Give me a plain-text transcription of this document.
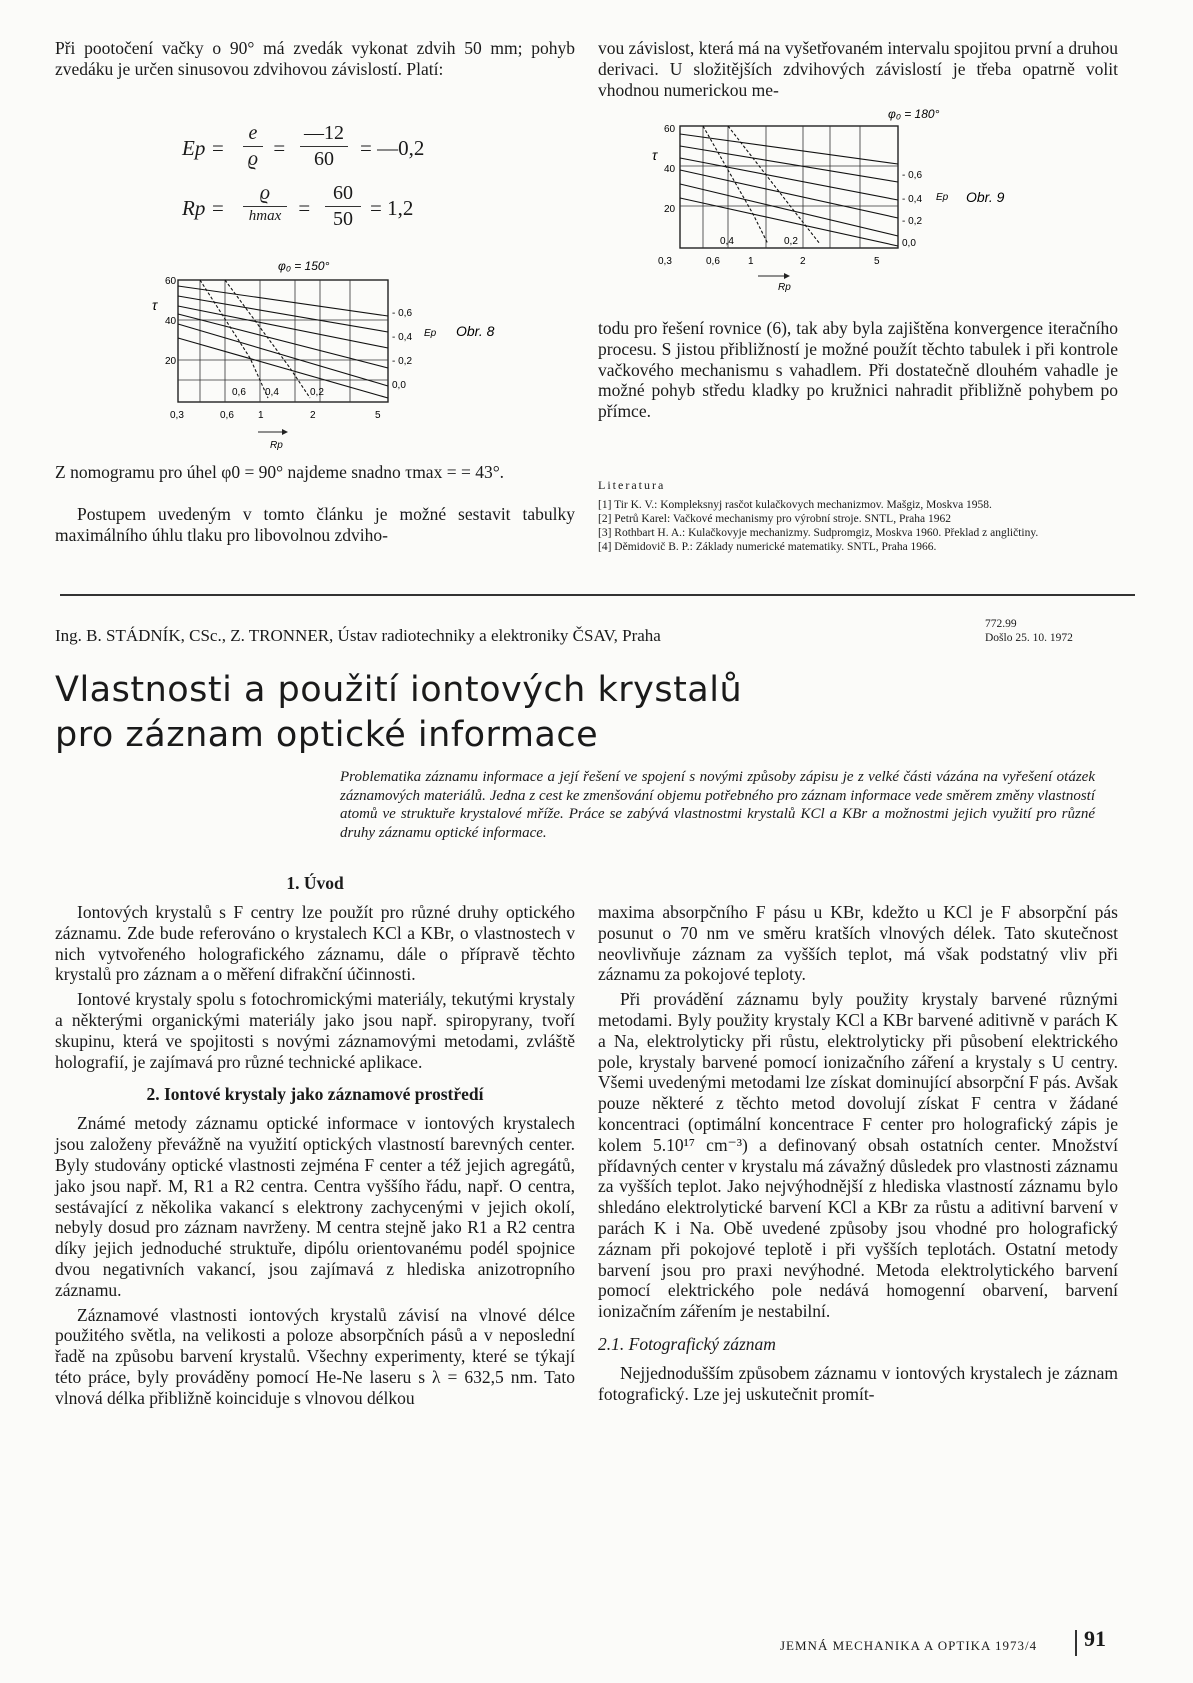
Při pootočení vačky o 90° má zvedák vykonat zdvih 50 mm; pohyb zvedáku je určen sinusovou zdvihovou závislostí. Platí:

Ep =
e
ϱ =
—12
60	= —0,2
Rp =
ϱ
hmax =
60
50 = 1,2
φ₀ = 150°
60
40
20
τ
0,3	0,6 1	2	5
0,6 0,4	0,2
- 0,6
- 0,4
- 0,2
0,0
Ep Obr. 8
Rp

Z nomogramu pro úhel φ0 = 90° najdeme snadno τmax = = 43°.

Postupem uvedeným v tomto článku je možné sestavit tabulky maximálního úhlu tlaku pro libovolnou zdviho-

vou závislost, která má na vyšetřovaném intervalu spojitou první a druhou derivaci. U složitějších zdvihových závislostí je třeba opatrně volit vhodnou numerickou me-

φ₀ = 180°
60
40
20
τ
0,3	0,6	1	2	5
0,4	0,2
- 0,6
- 0,4
- 0,2
0,0
Ep Obr. 9
Rp

todu pro řešení rovnice (6), tak aby byla zajištěna konvergence iteračního procesu. S jistou přibližností je možné použít těchto tabulek i při kontrole vačkového mechanismu s vahadlem. Při dostatečně dlouhém vahadle je možné pohyb středu kladky po kružnici nahradit přibližně pohybem po přímce.

Literatura
[1] Tir K. V.: Kompleksnyj rasčot kulačkovych mechanizmov. Mašgiz, Moskva 1958.
[2] Petrů Karel: Vačkové mechanismy pro výrobní stroje. SNTL, Praha 1962
[3] Rothbart H. A.: Kulačkovyje mechanizmy. Sudpromgiz, Moskva 1960. Překlad z angličtiny.
[4] Děmidovič B. P.: Základy numerické matematiky. SNTL, Praha 1966.
Ing. B. STÁDNÍK, CSc., Z. TRONNER, Ústav radiotechniky a elektroniky ČSAV, Praha
772.99
Došlo 25. 10. 1972
Vlastnosti a použití iontových krystalů
pro záznam optické informace

Problematika záznamu informace a její řešení ve spojení s novými způsoby zápisu je z velké části vázána na vyřešení otázek záznamových materiálů. Jedna z cest ke zmenšování objemu potřebného pro záznam informace vede směrem změny vlastností atomů ve struktuře krystalové mříže. Práce se zabývá vlastnostmi krystalů KCl a KBr a možnostmi jejich využití pro různé druhy záznamu optické informace.

1. Úvod

Iontových krystalů s F centry lze použít pro různé druhy optického záznamu. Zde bude referováno o krystalech KCl a KBr, o vlastnostech v nich vytvořeného holografického záznamu, dále o přípravě těchto krystalů pro záznam a o měření difrakční účinnosti.

Iontové krystaly spolu s fotochromickými materiály, tekutými krystaly a některými organickými materiály jako jsou např. spiropyrany, tvoří skupinu, která ve spojitosti s novými záznamovými metodami, zvláště holografií, je zajímavá pro různé technické aplikace.

2. Iontové krystaly jako záznamové prostředí

Známé metody záznamu optické informace v iontových krystalech jsou založeny převážně na využití optických vlastností barevných center. Byly studovány optické vlastnosti zejména F center a též jejich agregátů, jako jsou např. M, R1 a R2 centra. Centra vyššího řádu, např. O centra, sestávající z několika vakancí s elektrony zachycenými v jejich okolí, nebyly dosud pro záznam navrženy. M centra stejně jako R1 a R2 centra díky jejich jednoduché struktuře, dipólu orientovanému podél spojnice dvou negativních vakancí, jsou zajímavá z hlediska anizotropního záznamu.

Záznamové vlastnosti iontových krystalů závisí na vlnové délce použitého světla, na velikosti a poloze absorpčních pásů a v neposlední řadě na způsobu barvení krystalů. Všechny experimenty, které se týkají této práce, byly prováděny pomocí He-Ne laseru s λ = 632,5 nm. Tato vlnová délka přibližně koinciduje s vlnovou délkou

maxima absorpčního F pásu u KBr, kdežto u KCl je F absorpční pás posunut o 70 nm ve směru kratších vlnových délek. Tato skutečnost neovlivňuje záznam za vyšších teplot, má však podstatný vliv při záznamu za pokojové teploty.

Při provádění záznamu byly použity krystaly barvené různými metodami. Byly použity krystaly KCl a KBr barvené aditivně v parách K a Na, elektrolyticky při růstu, elektrolyticky při působení elektrického pole, krystaly barvené pomocí ionizačního záření a krystaly s U centry. Všemi uvedenými metodami lze získat dominující absorpční F pás. Avšak pouze některé z těchto metod dovolují získat F centra v žádané koncentraci (optimální koncentrace F center pro holografický zápis je kolem 5.10¹⁷ cm⁻³) a definovaný obsah ostatních center. Množství přídavných center v krystalu má závažný důsledek pro vlastnosti záznamu za vyšších teplot. Jako nejvýhodnější z hlediska vlastností záznamu bylo shledáno elektrolytické barvení KCl a KBr za růstu a aditivní barvení v parách K i Na. Obě uvedené způsoby jsou vhodné pro holografický záznam při pokojové teplotě i při vyšších teplotách. Ostatní metody barvení jsou pro praxi nevýhodné. Metoda elektrolytického barvení pomocí elektrického pole nedává homogenní obarvení, barvení ionizačním zářením je nestabilní.

2.1. Fotografický záznam

Nejjednodušším způsobem záznamu v iontových krystalech je záznam fotografický. Lze jej uskutečnit promít-

JEMNÁ MECHANIKA A OPTIKA 1973/4 91
